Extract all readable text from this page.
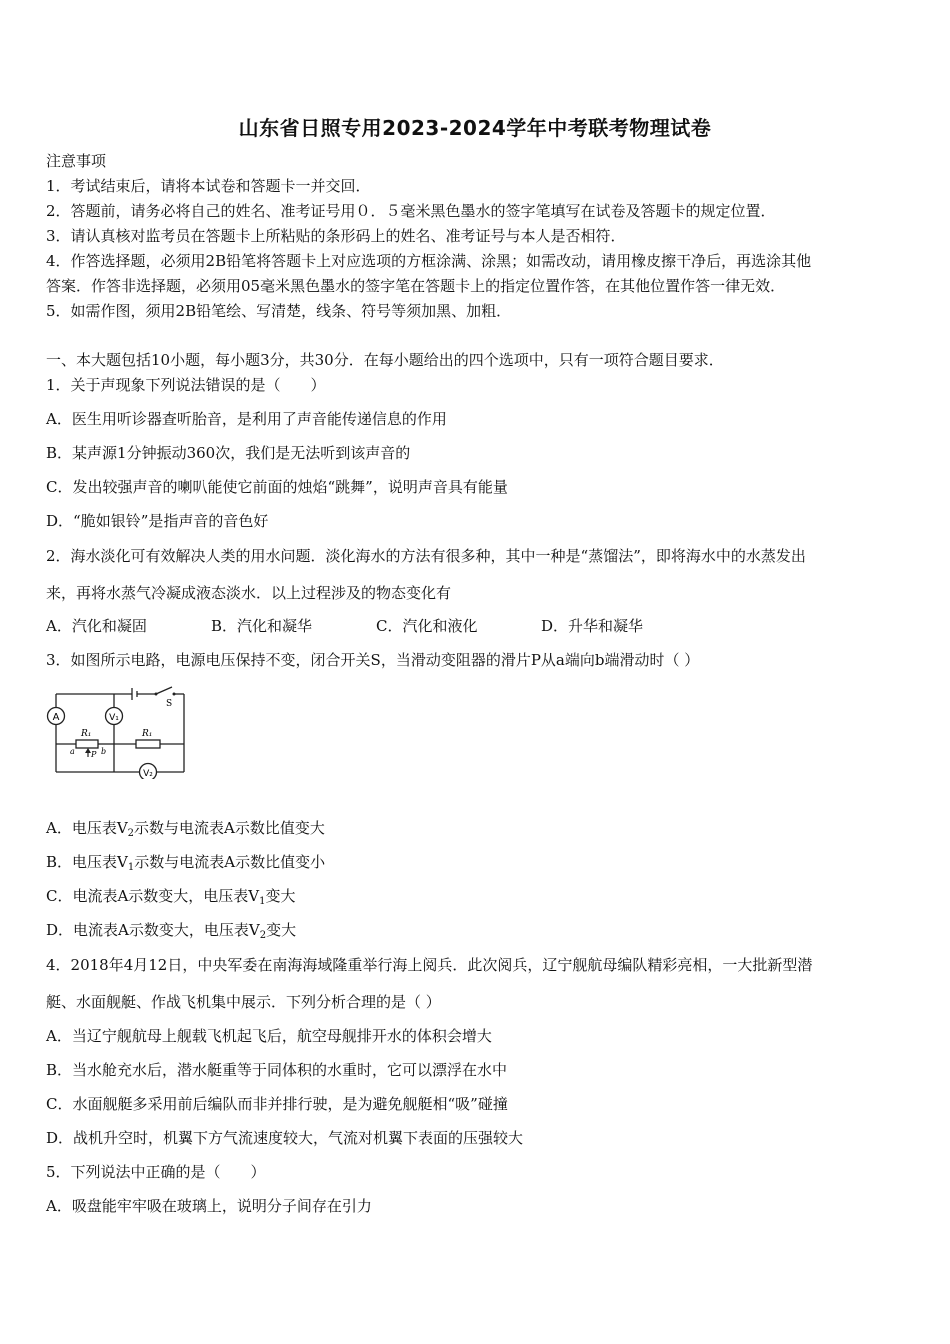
山东省日照专用2023-2024学年中考联考物理试卷
注意事项
1．考试结束后，请将本试卷和答题卡一并交回．
2．答题前，请务必将自己的姓名、准考证号用０．５毫米黑色墨水的签字笔填写在试卷及答题卡的规定位置．
3．请认真核对监考员在答题卡上所粘贴的条形码上的姓名、准考证号与本人是否相符．
4．作答选择题，必须用2B铅笔将答题卡上对应选项的方框涂满、涂黑；如需改动，请用橡皮擦干净后，再选涂其他
答案．作答非选择题，必须用05毫米黑色墨水的签字笔在答题卡上的指定位置作答，在其他位置作答一律无效．
5．如需作图，须用2B铅笔绘、写清楚，线条、符号等须加黑、加粗．
一、本大题包括10小题，每小题3分，共30分．在每小题给出的四个选项中，只有一项符合题目要求．
1．关于声现象下列说法错误的是（　　）
A．医生用听诊器查听胎音，是利用了声音能传递信息的作用
B．某声源1分钟振动360次，我们是无法听到该声音的
C．发出较强声音的喇叭能使它前面的烛焰“跳舞”，说明声音具有能量
D．“脆如银铃”是指声音的音色好
2．海水淡化可有效解决人类的用水问题．淡化海水的方法有很多种，其中一种是“蒸馏法”，即将海水中的水蒸发出
来，再将水蒸气冷凝成液态淡水．以上过程涉及的物态变化有
A．汽化和凝固	B．汽化和凝华	C．汽化和液化	D．升华和凝华
3．如图所示电路，电源电压保持不变，闭合开关S，当滑动变阻器的滑片P从a端向b端滑动时（ ）
A	V₁
V₂
R₁	R₁
a	b
P
S
A．电压表$V_2$示数与电流表A示数比值变大
B．电压表$V_1$示数与电流表A示数比值变小
C．电流表A示数变大，电压表$V_1$变大
D．电流表A示数变大，电压表$V_2$变大
4．2018年4月12日，中央军委在南海海域隆重举行海上阅兵．此次阅兵，辽宁舰航母编队精彩亮相，一大批新型潜
艇、水面舰艇、作战飞机集中展示．下列分析合理的是（ ）
A．当辽宁舰航母上舰载飞机起飞后，航空母舰排开水的体积会增大
B．当水舱充水后，潜水艇重等于同体积的水重时，它可以漂浮在水中
C．水面舰艇多采用前后编队而非并排行驶，是为避免舰艇相“吸”碰撞
D．战机升空时，机翼下方气流速度较大，气流对机翼下表面的压强较大
5．下列说法中正确的是（　　）
A．吸盘能牢牢吸在玻璃上，说明分子间存在引力
